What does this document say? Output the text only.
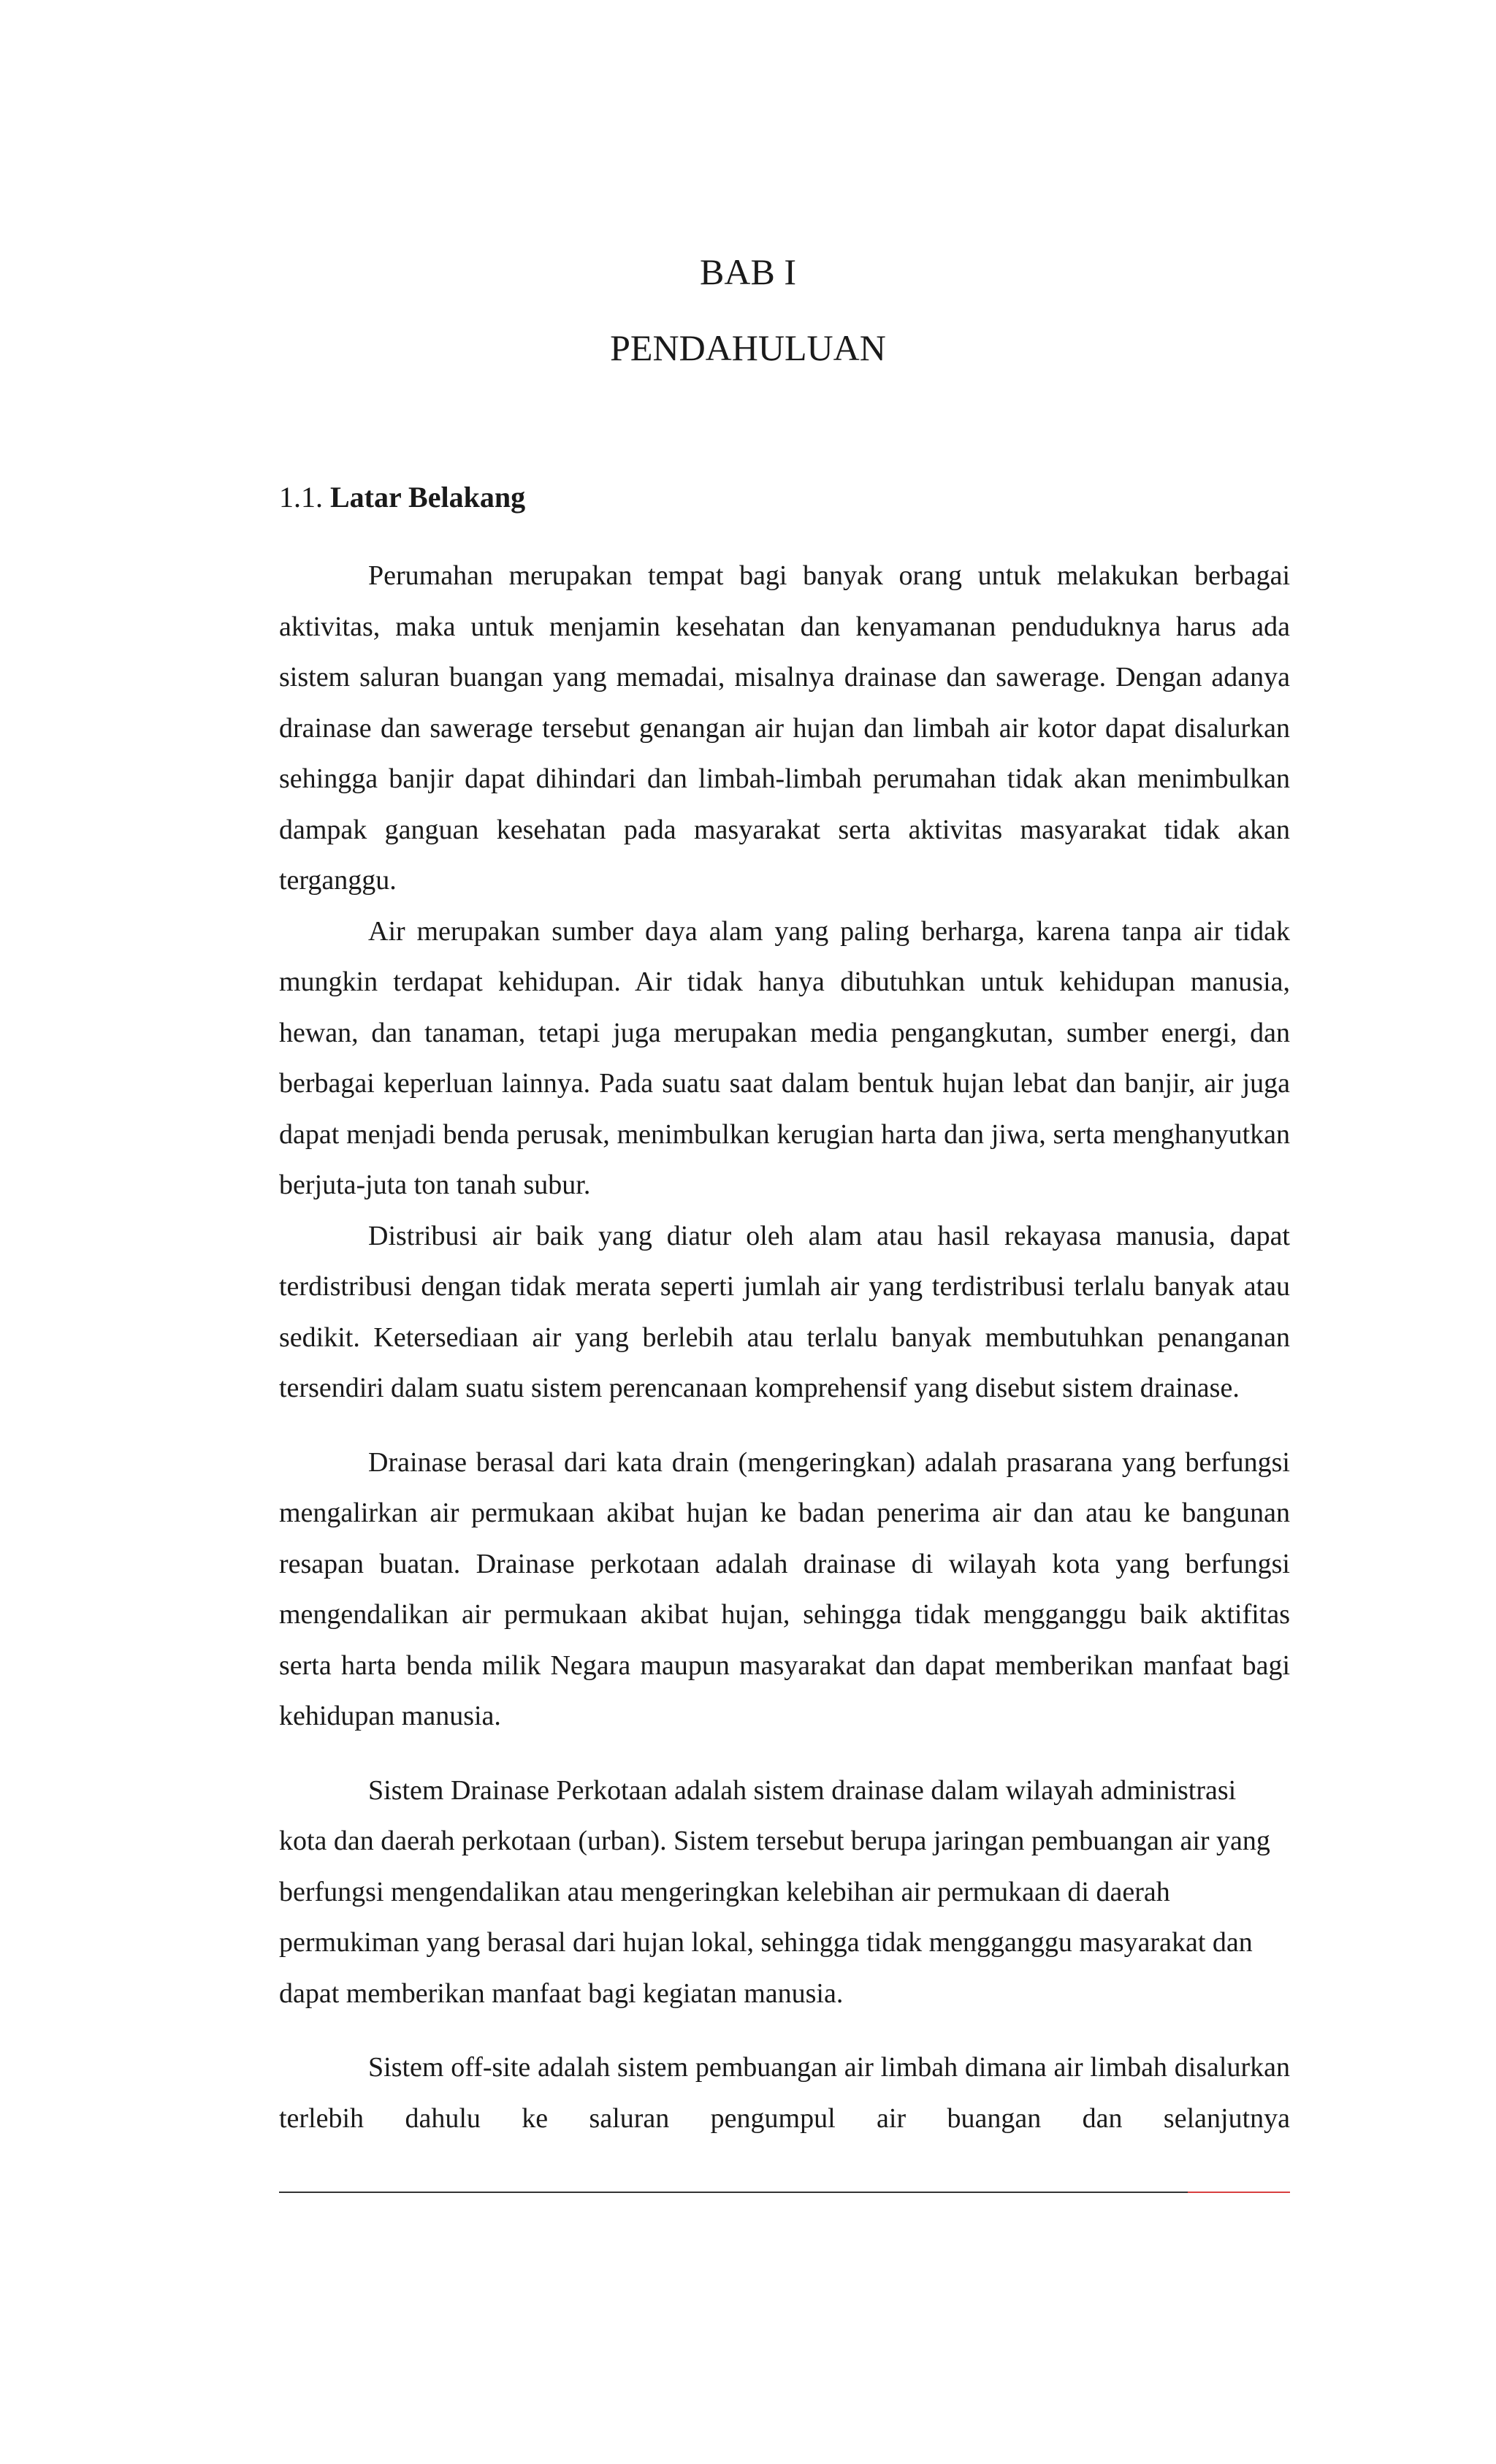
BAB I
PENDAHULUAN
1.1. Latar Belakang

Perumahan merupakan tempat bagi banyak orang untuk melakukan berbagai aktivitas, maka untuk menjamin kesehatan dan kenyamanan penduduknya harus ada sistem saluran buangan yang memadai, misalnya drainase dan sawerage. Dengan adanya drainase dan sawerage tersebut genangan air hujan dan limbah air kotor dapat disalurkan sehingga banjir dapat dihindari dan limbah-limbah perumahan tidak akan menimbulkan dampak ganguan kesehatan pada masyarakat serta aktivitas masyarakat tidak akan terganggu.

Air merupakan sumber daya alam yang paling berharga, karena tanpa air tidak mungkin terdapat kehidupan. Air tidak hanya dibutuhkan untuk kehidupan manusia, hewan, dan tanaman, tetapi juga merupakan media pengangkutan, sumber energi, dan berbagai keperluan lainnya. Pada suatu saat dalam bentuk hujan lebat dan banjir, air juga dapat menjadi benda perusak, menimbulkan kerugian harta dan jiwa, serta menghanyutkan berjuta-juta ton tanah subur.

Distribusi air baik yang diatur oleh alam atau hasil rekayasa manusia, dapat terdistribusi dengan tidak merata seperti jumlah air yang terdistribusi terlalu banyak atau sedikit. Ketersediaan air yang berlebih atau terlalu banyak membutuhkan penanganan tersendiri dalam suatu sistem perencanaan komprehensif yang disebut sistem drainase.

Drainase berasal dari kata drain (mengeringkan) adalah prasarana yang berfungsi mengalirkan air permukaan akibat hujan ke badan penerima air dan atau ke bangunan resapan buatan. Drainase perkotaan adalah drainase di wilayah kota yang berfungsi mengendalikan air permukaan akibat hujan, sehingga tidak mengganggu baik aktifitas serta harta benda milik Negara maupun masyarakat dan dapat memberikan manfaat bagi kehidupan manusia.

Sistem Drainase Perkotaan adalah sistem drainase dalam wilayah administrasi kota dan daerah perkotaan (urban). Sistem tersebut berupa jaringan pembuangan air yang berfungsi mengendalikan atau mengeringkan kelebihan air permukaan di daerah permukiman yang berasal dari hujan lokal, sehingga tidak mengganggu masyarakat dan dapat memberikan manfaat bagi kegiatan manusia.

Sistem off-site adalah sistem pembuangan air limbah dimana air limbah disalurkan terlebih dahulu ke saluran pengumpul air buangan dan selanjutnya
